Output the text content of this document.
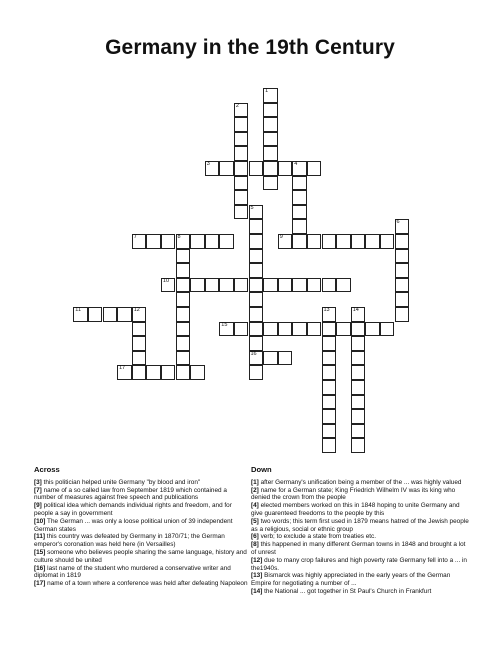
Germany in the 19th Century
3	4
7	8	9
10
11	12
15
17
1
2
5
16
6
13	14
Across
[3] this politician helped unite Germany "by blood and iron"
[7] name of a so called law from September 1819 which contained a number of measures against free speech and publications
[9] political idea which demands individual rights and freedom, and for people a say in government
[10] The German ... was only a loose political union of 39 independent German states
[11] this country was defeated by Germany in 1870/71; the German emperor's coronation was held here (in Versailles)
[15] someone who believes people sharing the same language, history and culture should be united
[16] last name of the student who murdered a conservative writer and diplomat in 1819
[17] name of a town where a conference was held after defeating Napoleon
Down
[1] after Germany's unification being a member of the ... was highly valued
[2] name for a German state; King Friedrich Wilhelm IV was its king who denied the crown from the people
[4] elected members worked on this in 1848 hoping to unite Germany and give guarenteed freedoms to the people by this
[5] two words; this term first used in 1879 means hatred of the Jewish people as a religious, social or ethnic group
[6] verb; to exclude a state from treaties etc.
[8] this happened in many different German towns in 1848 and brought a lot of unrest
[12] due to many crop failures and high poverty rate Germany fell into a ... in the1940s.
[13] Bismarck was highly appreciated in the early years of the German Empire for negotiating a number of ...
[14] the National ... got together in St Paul's Church in Frankfurt
